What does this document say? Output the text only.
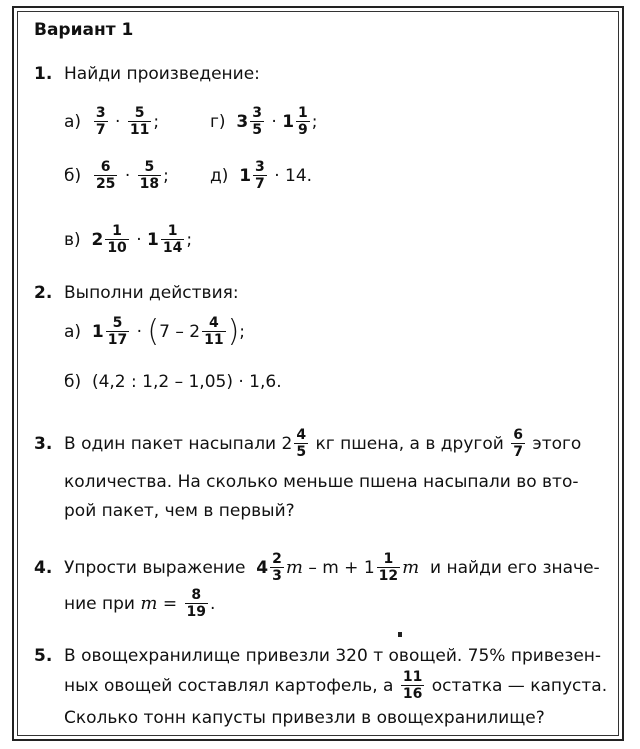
Вариант 1
1. Найди произведение:
а)
$\frac{3}{7}$
·
$\frac{5}{11}$ ;	г)
$3 \frac{3}{5}$
·
$1 \frac{1}{9}$ ;
б)
$\frac{6}{25}$
·
$\frac{5}{18}$ ; д)
$1 \frac{3}{7}$
· 14.
в)
$2 \frac{1}{10}$
·
$1 \frac{1}{14}$ ;
2. Выполни действия:
а)
$1 \frac{5}{17}$
·
( $7 - 2 \frac{4}{11}$ ) ;
б) (4,2 : 1,2 – 1,05) · 1,6.
3. В один пакет насыпали $2 \frac{4}{5}$
кг пшена, а в другой
$\frac{6}{7}$
этого
количества. На сколько меньше пшена насыпали во вто-
рой пакет, чем в первый?
4. Упрости выражение
$4 \frac{2}{3}$ m
– $m + 1 \frac{1}{12}$ m
и найди его значе-
ние при
m
=
$\frac{8}{19}$ .
5. В овощехранилище привезли 320 т овощей. 75% привезен-
ных овощей составлял картофель, а
$\frac{11}{16}$
остатка — капуста.
Сколько тонн капусты привезли в овощехранилище?
